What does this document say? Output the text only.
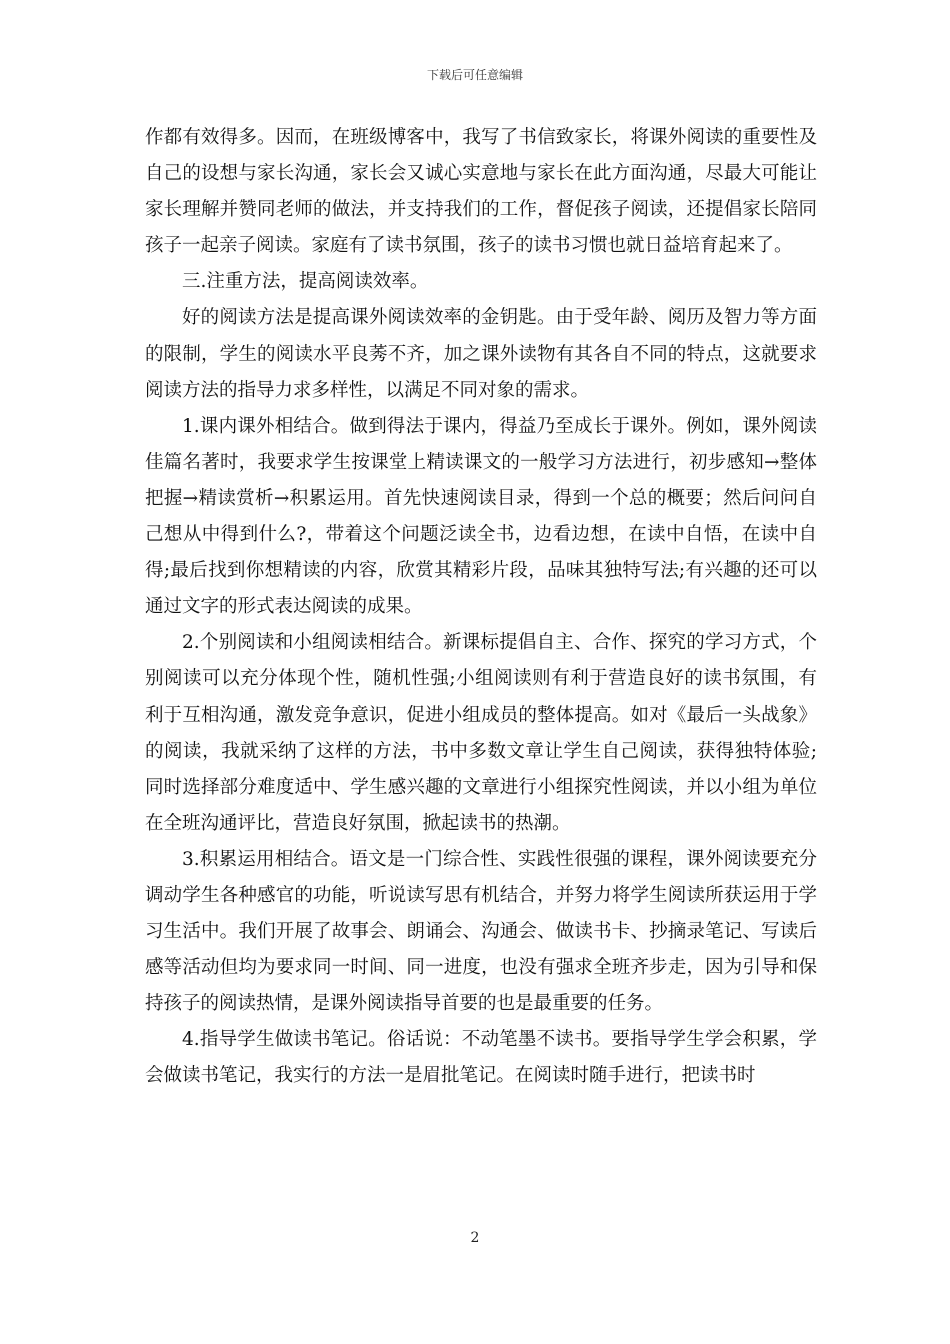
下载后可任意编辑

作都有效得多。因而，在班级博客中，我写了书信致家长，将课外阅读的重要性及自己的设想与家长沟通，家长会又诚心实意地与家长在此方面沟通，尽最大可能让家长理解并赞同老师的做法，并支持我们的工作，督促孩子阅读，还提倡家长陪同孩子一起亲子阅读。家庭有了读书氛围，孩子的读书习惯也就日益培育起来了。

三.注重方法，提高阅读效率。

好的阅读方法是提高课外阅读效率的金钥匙。由于受年龄、阅历及智力等方面的限制，学生的阅读水平良莠不齐，加之课外读物有其各自不同的特点，这就要求阅读方法的指导力求多样性，以满足不同对象的需求。

1.课内课外相结合。做到得法于课内，得益乃至成长于课外。例如，课外阅读佳篇名著时，我要求学生按课堂上精读课文的一般学习方法进行，初步感知→整体把握→精读赏析→积累运用。首先快速阅读目录，得到一个总的概要；然后问问自己想从中得到什么?，带着这个问题泛读全书，边看边想，在读中自悟，在读中自得;最后找到你想精读的内容，欣赏其精彩片段，品味其独特写法;有兴趣的还可以通过文字的形式表达阅读的成果。

2.个别阅读和小组阅读相结合。新课标提倡自主、合作、探究的学习方式，个别阅读可以充分体现个性，随机性强;小组阅读则有利于营造良好的读书氛围，有利于互相沟通，激发竞争意识，促进小组成员的整体提高。如对《最后一头战象》的阅读，我就采纳了这样的方法，书中多数文章让学生自己阅读，获得独特体验;同时选择部分难度适中、学生感兴趣的文章进行小组探究性阅读，并以小组为单位在全班沟通评比，营造良好氛围，掀起读书的热潮。

3.积累运用相结合。语文是一门综合性、实践性很强的课程，课外阅读要充分调动学生各种感官的功能，听说读写思有机结合，并努力将学生阅读所获运用于学习生活中。我们开展了故事会、朗诵会、沟通会、做读书卡、抄摘录笔记、写读后感等活动但均为要求同一时间、同一进度，也没有强求全班齐步走，因为引导和保持孩子的阅读热情，是课外阅读指导首要的也是最重要的任务。

4.指导学生做读书笔记。俗话说：不动笔墨不读书。要指导学生学会积累，学会做读书笔记，我实行的方法一是眉批笔记。在阅读时随手进行，把读书时

2
